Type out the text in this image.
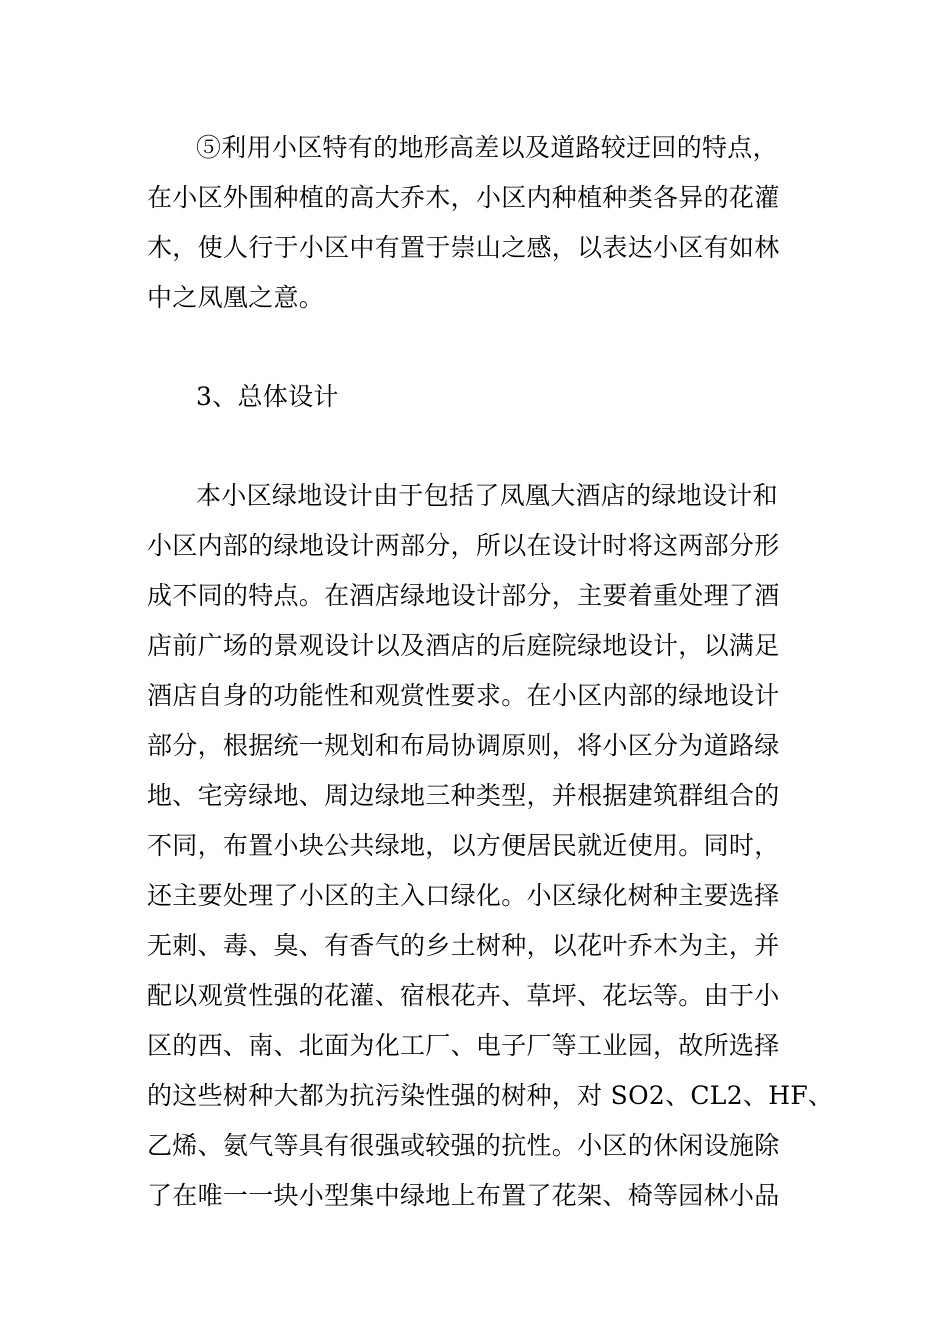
⑤利用小区特有的地形高差以及道路较迂回的特点，
在小区外围种植的高大乔木，小区内种植种类各异的花灌
木，使人行于小区中有置于崇山之感，以表达小区有如林
中之凤凰之意。
3、总体设计
本小区绿地设计由于包括了凤凰大酒店的绿地设计和
小区内部的绿地设计两部分，所以在设计时将这两部分形
成不同的特点。在酒店绿地设计部分，主要着重处理了酒
店前广场的景观设计以及酒店的后庭院绿地设计，以满足
酒店自身的功能性和观赏性要求。在小区内部的绿地设计
部分，根据统一规划和布局协调原则，将小区分为道路绿
地、宅旁绿地、周边绿地三种类型，并根据建筑群组合的
不同，布置小块公共绿地，以方便居民就近使用。同时，
还主要处理了小区的主入口绿化。小区绿化树种主要选择
无刺、毒、臭、有香气的乡土树种，以花叶乔木为主，并
配以观赏性强的花灌、宿根花卉、草坪、花坛等。由于小
区的西、南、北面为化工厂、电子厂等工业园，故所选择
的这些树种大都为抗污染性强的树种，对 SO2、CL2、HF、
乙烯、氨气等具有很强或较强的抗性。小区的休闲设施除
了在唯一一块小型集中绿地上布置了花架、椅等园林小品
